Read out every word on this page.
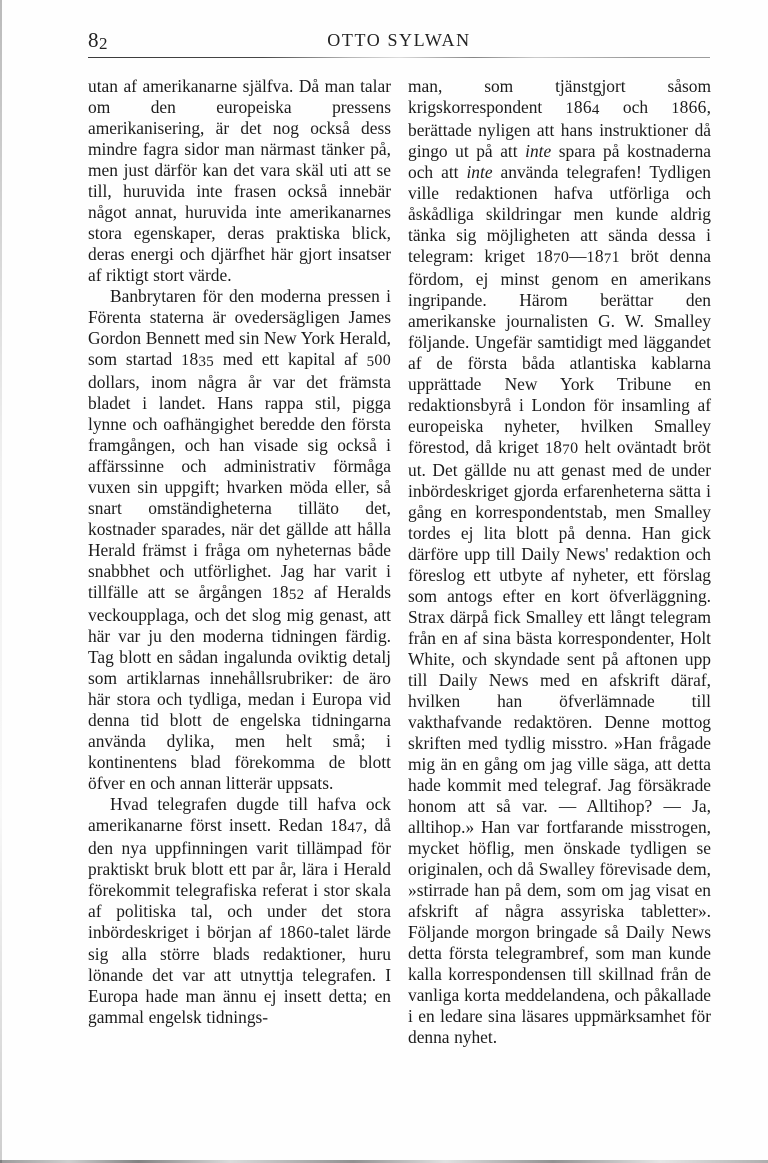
82	OTTO SYLWAN

utan af amerikanarne själfva. Då man talar om den europeiska pressens amerikanisering, är det nog också dess mindre fagra sidor man närmast tänker på, men just därför kan det vara skäl uti att se till, huruvida inte frasen också innebär något annat, huruvida inte amerikanarnes stora egenskaper, deras praktiska blick, deras energi och djärfhet här gjort insatser af riktigt stort värde.

Banbrytaren för den moderna pressen i Förenta staterna är ovedersägligen James Gordon Bennett med sin New York Herald, som startad 1835 med ett kapital af 500 dollars, inom några år var det främsta bladet i landet. Hans rappa stil, pigga lynne och oafhängighet beredde den första framgången, och han visade sig också i affärssinne och administrativ förmåga vuxen sin uppgift; hvarken möda eller, så snart omständigheterna tilläto det, kostnader sparades, när det gällde att hålla Herald främst i fråga om nyheternas både snabbhet och utförlighet. Jag har varit i tillfälle att se årgången 1852 af Heralds veckoupplaga, och det slog mig genast, att här var ju den moderna tidningen färdig. Tag blott en sådan ingalunda oviktig detalj som artiklarnas innehållsrubriker: de äro här stora och tydliga, medan i Europa vid denna tid blott de engelska tidningarna använda dylika, men helt små; i kontinentens blad förekomma de blott öfver en och annan litterär uppsats.

Hvad telegrafen dugde till hafva ock amerikanarne först insett. Redan 1847, då den nya uppfinningen varit tillämpad för praktiskt bruk blott ett par år, lära i Herald förekommit telegrafiska referat i stor skala af politiska tal, och under det stora inbördeskriget i början af 1860-talet lärde sig alla större blads redaktioner, huru lönande det var att utnyttja telegrafen. I Europa hade man ännu ej insett detta; en gammal engelsk tidnings-

man, som tjänstgjort såsom krigskorrespondent 1864 och 1866, berättade nyligen att hans instruktioner då gingo ut på att inte spara på kostnaderna och att inte använda telegrafen! Tydligen ville redaktionen hafva utförliga och åskådliga skildringar men kunde aldrig tänka sig möjligheten att sända dessa i telegram: kriget 1870—1871 bröt denna fördom, ej minst genom en amerikans ingripande. Härom berättar den amerikanske journalisten G. W. Smalley följande. Ungefär samtidigt med läggandet af de första båda atlantiska kablarna upprättade New York Tribune en redaktionsbyrå i London för insamling af europeiska nyheter, hvilken Smalley förestod, då kriget 1870 helt oväntadt bröt ut. Det gällde nu att genast med de under inbördeskriget gjorda erfarenheterna sätta i gång en korrespondentstab, men Smalley tordes ej lita blott på denna. Han gick därföre upp till Daily News' redaktion och föreslog ett utbyte af nyheter, ett förslag som antogs efter en kort öfverläggning. Strax därpå fick Smalley ett långt telegram från en af sina bästa korrespondenter, Holt White, och skyndade sent på aftonen upp till Daily News med en afskrift däraf, hvilken han öfverlämnade till vakthafvande redaktören. Denne mottog skriften med tydlig misstro. »Han frågade mig än en gång om jag ville säga, att detta hade kommit med telegraf. Jag försäkrade honom att så var. — Alltihop? — Ja, alltihop.» Han var fortfarande misstrogen, mycket höflig, men önskade tydligen se originalen, och då Swalley förevisade dem, »stirrade han på dem, som om jag visat en afskrift af några assyriska tabletter». Följande morgon bringade så Daily News detta första telegrambref, som man kunde kalla korrespondensen till skillnad från de vanliga korta meddelandena, och påkallade i en ledare sina läsares uppmärksamhet för denna nyhet.
